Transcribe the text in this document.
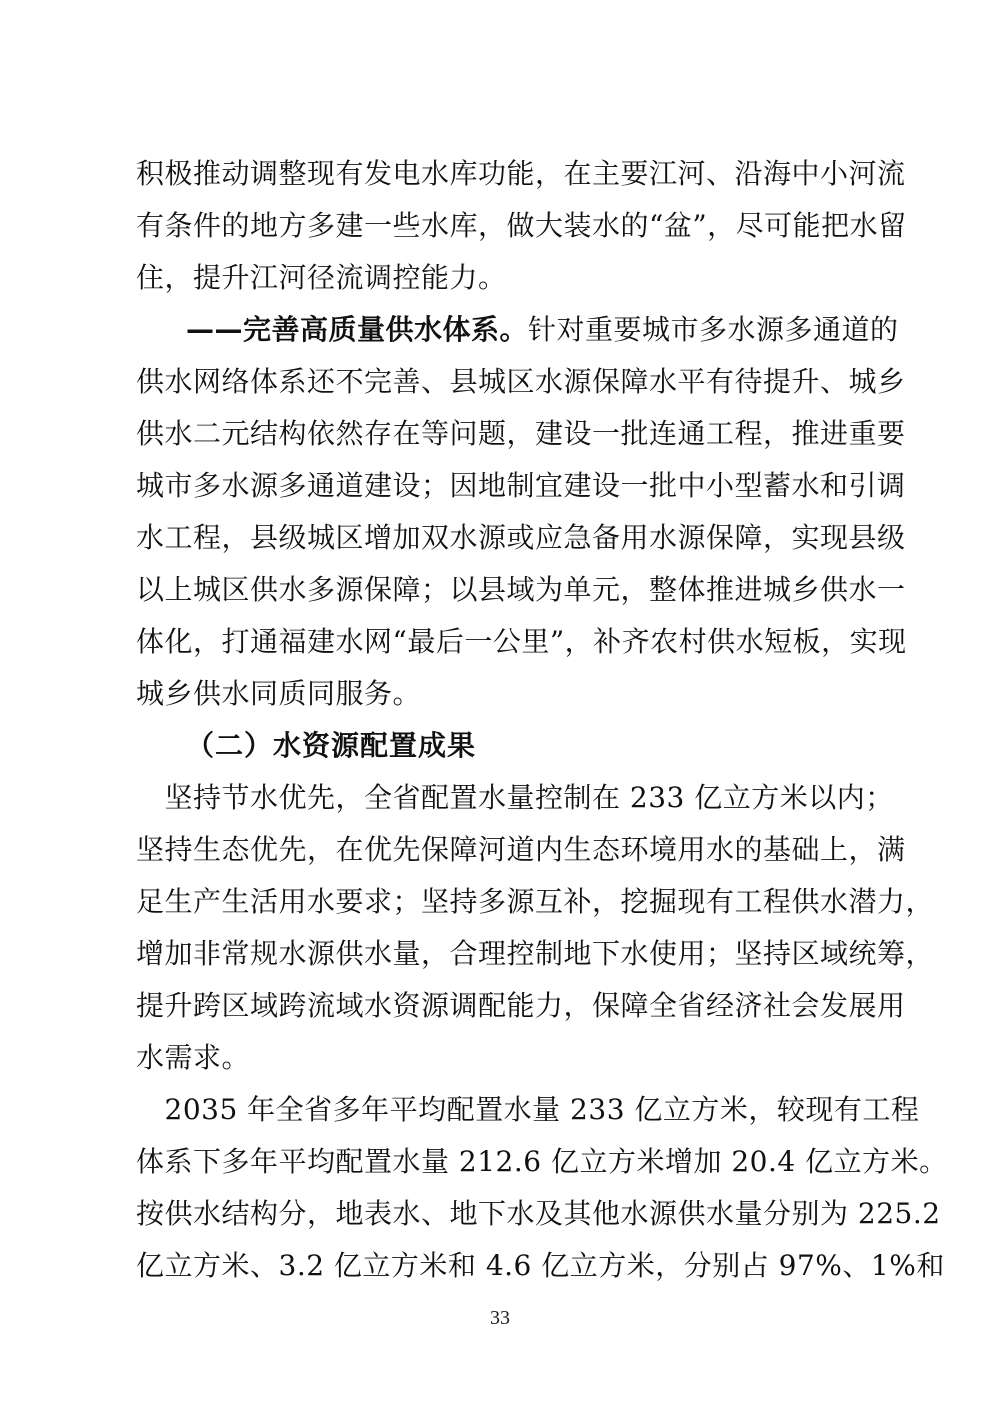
积极推动调整现有发电水库功能，在主要江河、沿海中小河流
有条件的地方多建一些水库，做大装水的“盆”，尽可能把水留
住，提升江河径流调控能力。
——完善高质量供水体系。针对重要城市多水源多通道的
供水网络体系还不完善、县城区水源保障水平有待提升、城乡
供水二元结构依然存在等问题，建设一批连通工程，推进重要
城市多水源多通道建设；因地制宜建设一批中小型蓄水和引调
水工程，县级城区增加双水源或应急备用水源保障，实现县级
以上城区供水多源保障；以县域为单元，整体推进城乡供水一
体化，打通福建水网“最后一公里”，补齐农村供水短板，实现
城乡供水同质同服务。
（二）水资源配置成果
　坚持节水优先，全省配置水量控制在 233 亿立方米以内；
坚持生态优先，在优先保障河道内生态环境用水的基础上，满
足生产生活用水要求；坚持多源互补，挖掘现有工程供水潜力，
增加非常规水源供水量，合理控制地下水使用；坚持区域统筹，
提升跨区域跨流域水资源调配能力，保障全省经济社会发展用
水需求。
　2035 年全省多年平均配置水量 233 亿立方米，较现有工程
体系下多年平均配置水量 212.6 亿立方米增加 20.4 亿立方米。
按供水结构分，地表水、地下水及其他水源供水量分别为 225.2
亿立方米、3.2 亿立方米和 4.6 亿立方米，分别占 97%、1%和
33
